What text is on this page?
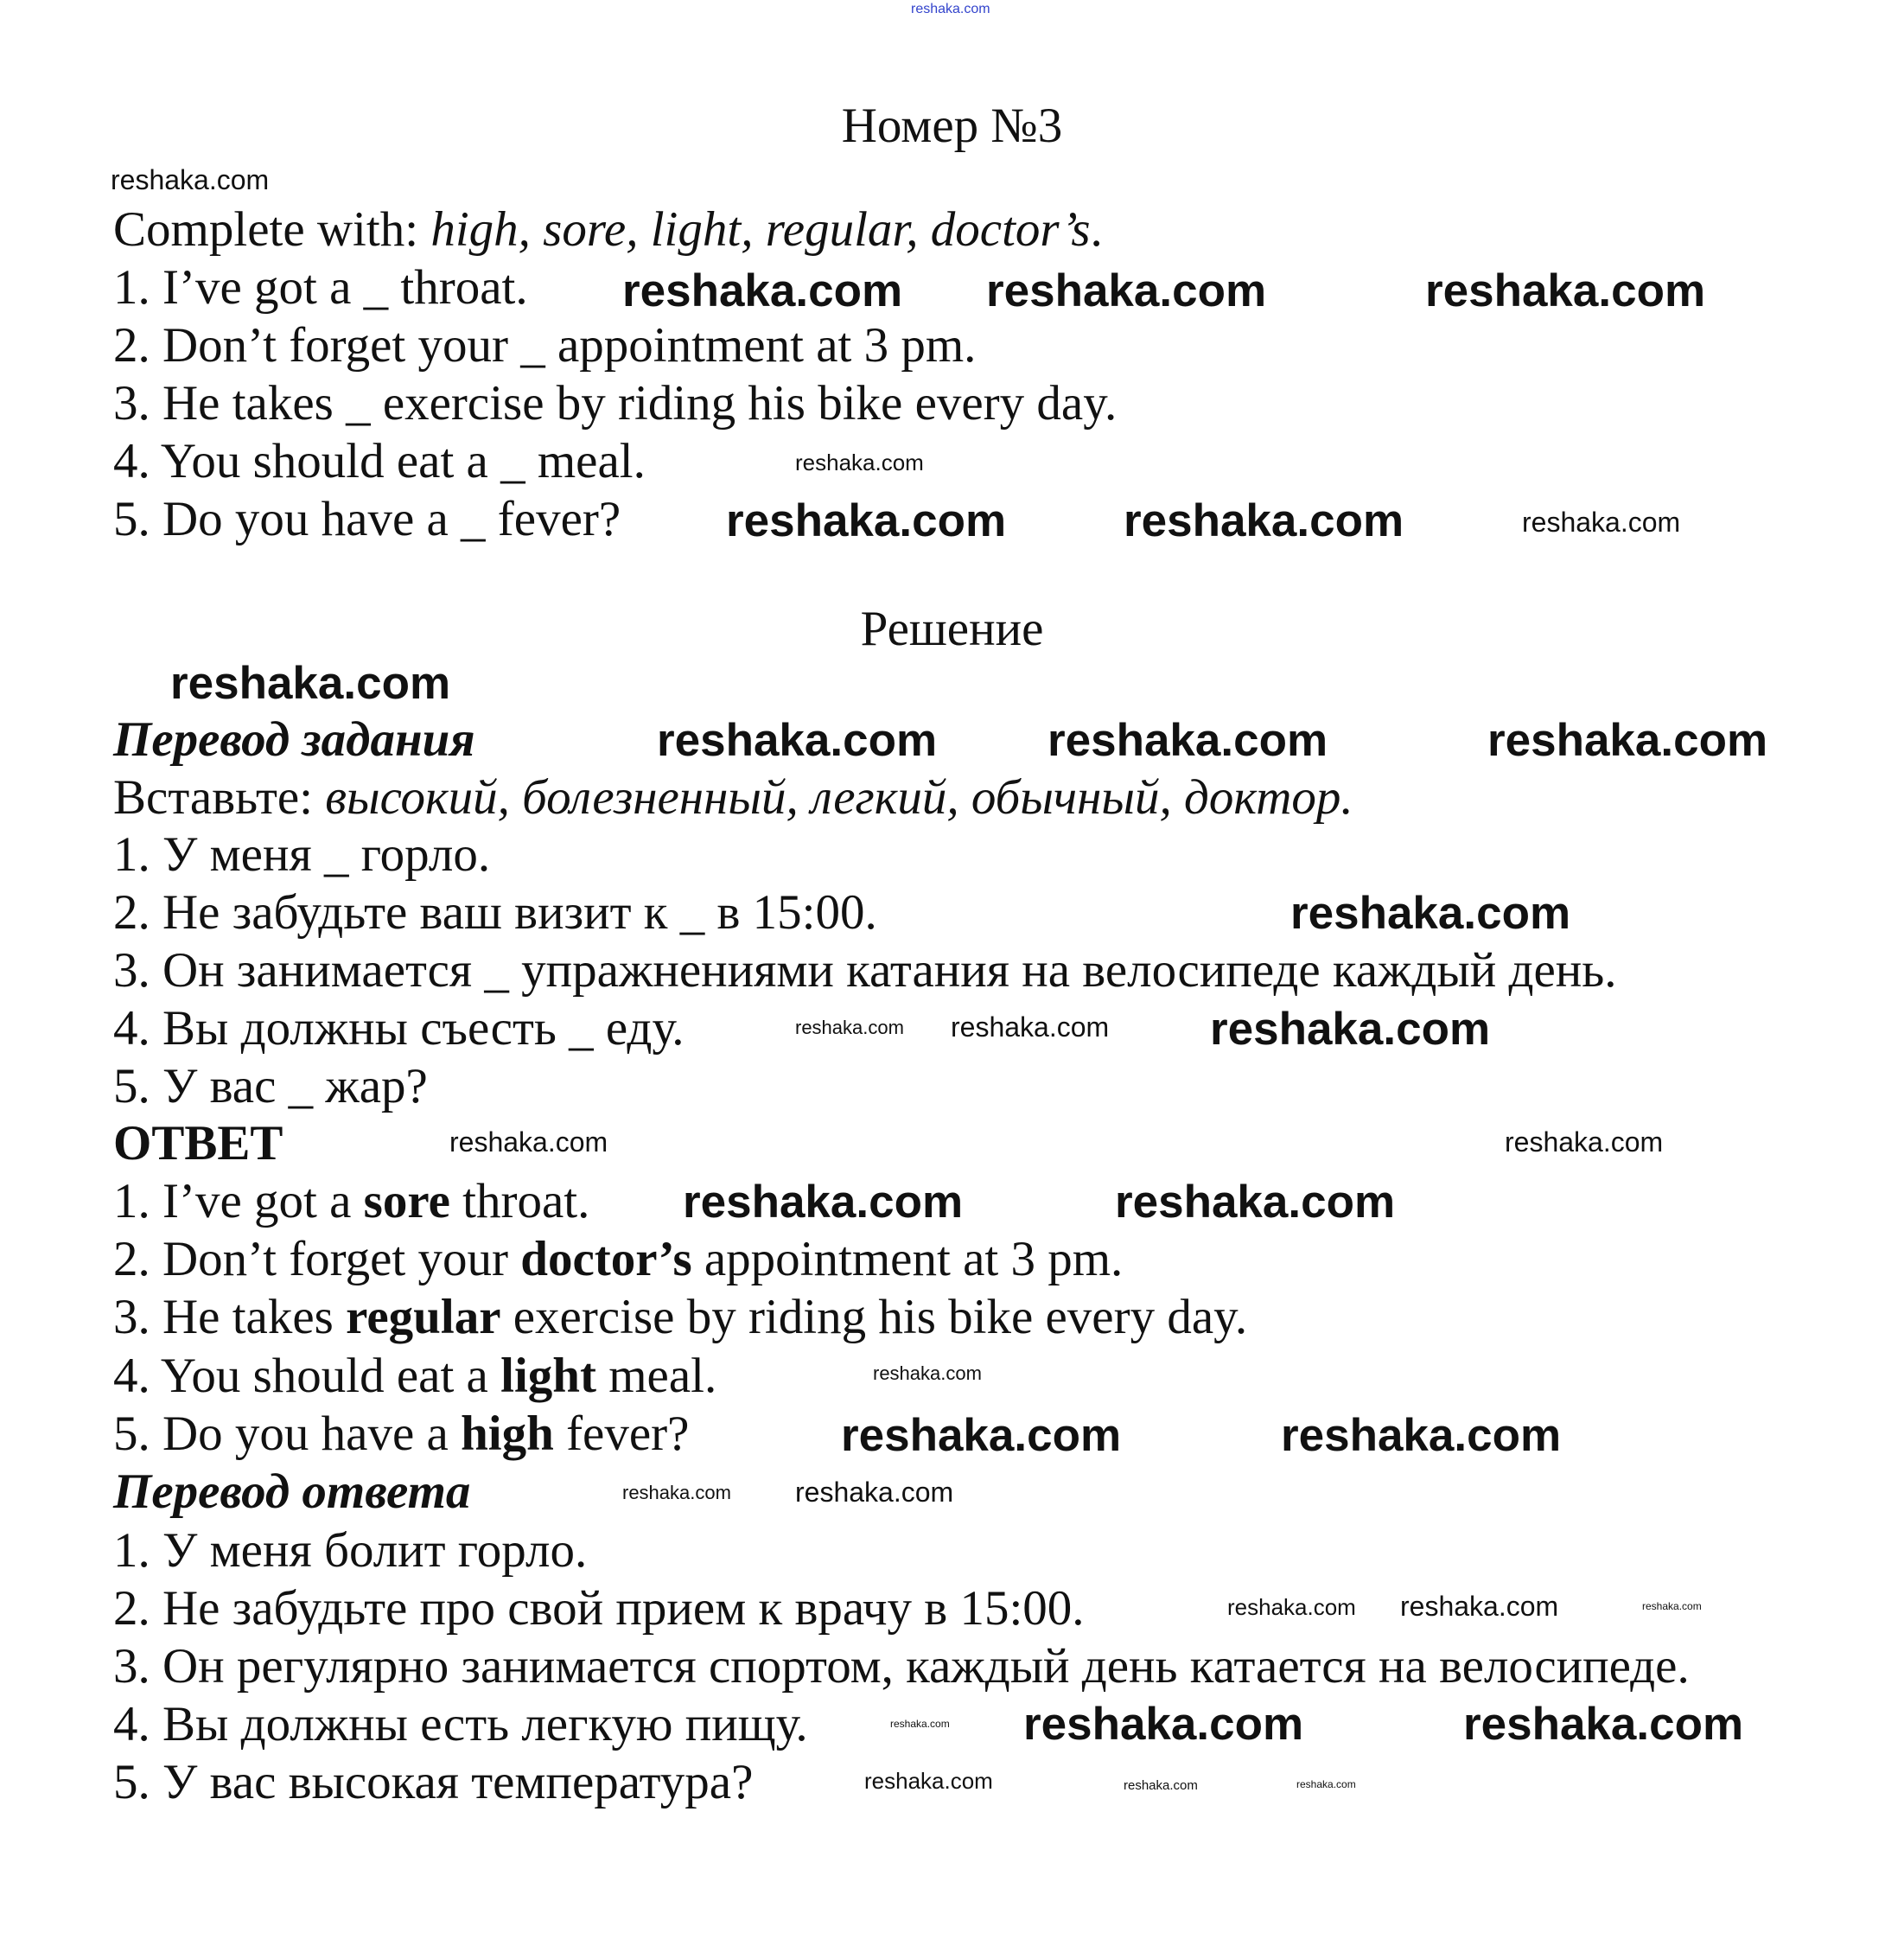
Номер №3
Complete with: high, sore, light, regular, doctor’s.
1. I’ve got a _ throat.
2. Don’t forget your _ appointment at 3 pm.
3. He takes _ exercise by riding his bike every day.
4. You should eat a _ meal.
5. Do you have a _ fever?
Решение
Перевод задания
Вставьте: высокий, болезненный, легкий, обычный, доктор.
1. У меня _ горло.
2. Не забудьте ваш визит к _ в 15:00.
3. Он занимается _ упражнениями катания на велосипеде каждый день.
4. Вы должны съесть _ еду.
5. У вас _ жар?
ОТВЕТ
1. I’ve got a sore throat.
2. Don’t forget your doctor’s appointment at 3 pm.
3. He takes regular exercise by riding his bike every day.
4. You should eat a light meal.
5. Do you have a high fever?
Перевод ответа
1. У меня болит горло.
2. Не забудьте про свой прием к врачу в 15:00.
3. Он регулярно занимается спортом, каждый день катается на велосипеде.
4. Вы должны есть легкую пищу.
5. У вас высокая температура?
reshaka.com
reshaka.com
reshaka.com reshaka.com	reshaka.com
reshaka.com
reshaka.com	reshaka.com	reshaka.com
reshaka.com
reshaka.com	reshaka.com
reshaka.com
reshaka.com
reshaka.com reshaka.com reshaka.com
reshaka.com
reshaka.com
reshaka.com	reshaka.com
reshaka.com
reshaka.com	reshaka.com
reshaka.com reshaka.com
reshaka.com reshaka.com	reshaka.com
reshaka.com reshaka.com	reshaka.com
reshaka.com	reshaka.com	reshaka.com
